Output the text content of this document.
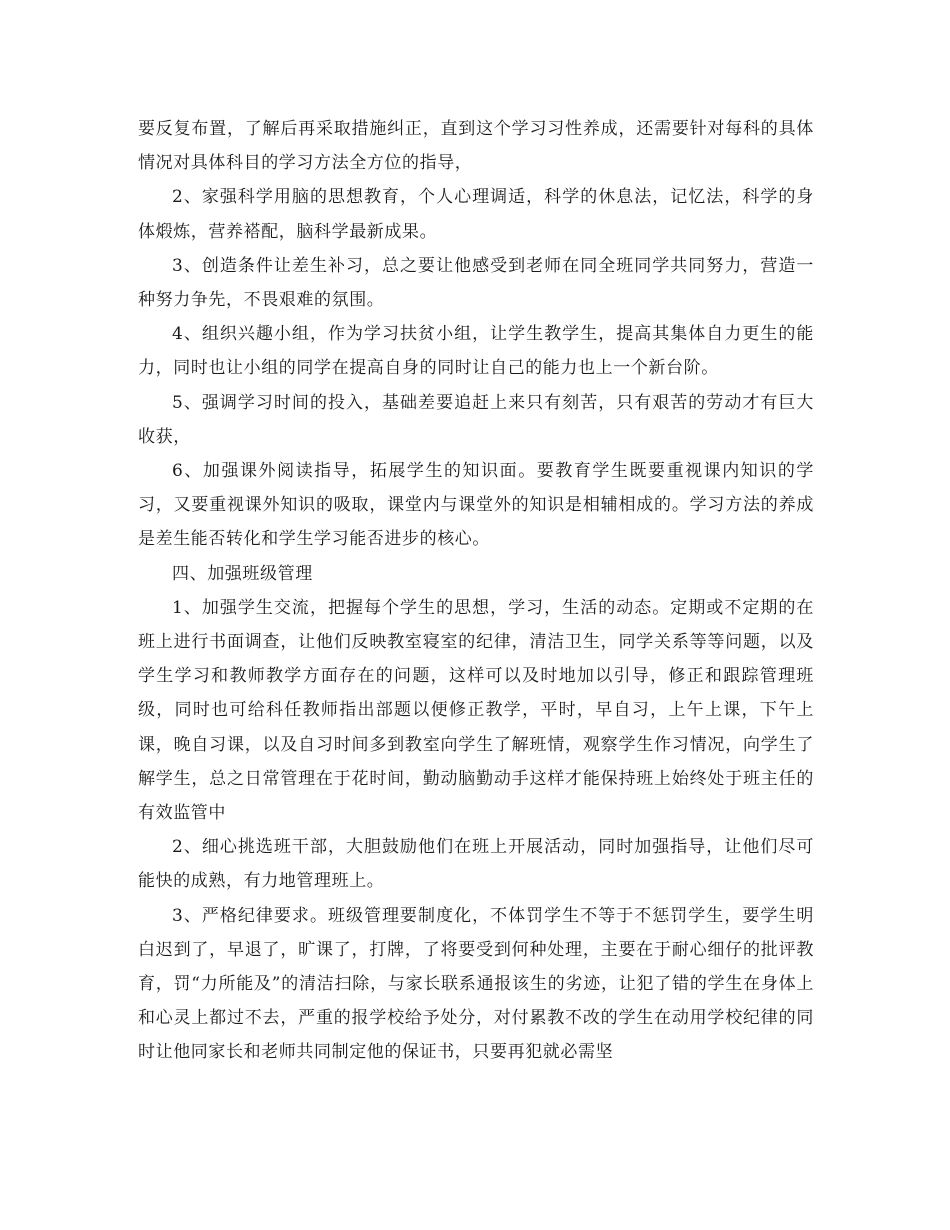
要反复布置，了解后再采取措施纠正，直到这个学习习性养成，还需要针对每科的具体情况对具体科目的学习方法全方位的指导，

2、家强科学用脑的思想教育，个人心理调适，科学的休息法，记忆法，科学的身体煅炼，营养褡配，脑科学最新成果。

3、创造条件让差生补习，总之要让他感受到老师在同全班同学共同努力，营造一种努力争先，不畏艰难的氛围。

4、组织兴趣小组，作为学习扶贫小组，让学生教学生，提高其集体自力更生的能力，同时也让小组的同学在提高自身的同时让自己的能力也上一个新台阶。

5、强调学习时间的投入，基础差要追赶上来只有刻苦，只有艰苦的劳动才有巨大收获，

6、加强课外阅读指导，拓展学生的知识面。要教育学生既要重视课内知识的学习，又要重视课外知识的吸取，课堂内与课堂外的知识是相辅相成的。学习方法的养成是差生能否转化和学生学习能否进步的核心。

四、加强班级管理

1、加强学生交流，把握每个学生的思想，学习，生活的动态。定期或不定期的在班上进行书面调查，让他们反映教室寝室的纪律，清洁卫生，同学关系等等问题，以及学生学习和教师教学方面存在的问题，这样可以及时地加以引导，修正和跟踪管理班级，同时也可给科任教师指出部题以便修正教学，平时，早自习，上午上课，下午上课，晚自习课，以及自习时间多到教室向学生了解班情，观察学生作习情况，向学生了解学生，总之日常管理在于花时间，勤动脑勤动手这样才能保持班上始终处于班主任的有效监管中

2、细心挑选班干部，大胆鼓励他们在班上开展活动，同时加强指导，让他们尽可能快的成熟，有力地管理班上。

3、严格纪律要求。班级管理要制度化，不体罚学生不等于不惩罚学生，要学生明白迟到了，早退了，旷课了，打牌，了将要受到何种处理，主要在于耐心细仔的批评教育，罚“力所能及”的清洁扫除，与家长联系通报该生的劣迹，让犯了错的学生在身体上和心灵上都过不去，严重的报学校给予处分，对付累教不改的学生在动用学校纪律的同时让他同家长和老师共同制定他的保证书，只要再犯就必需坚
